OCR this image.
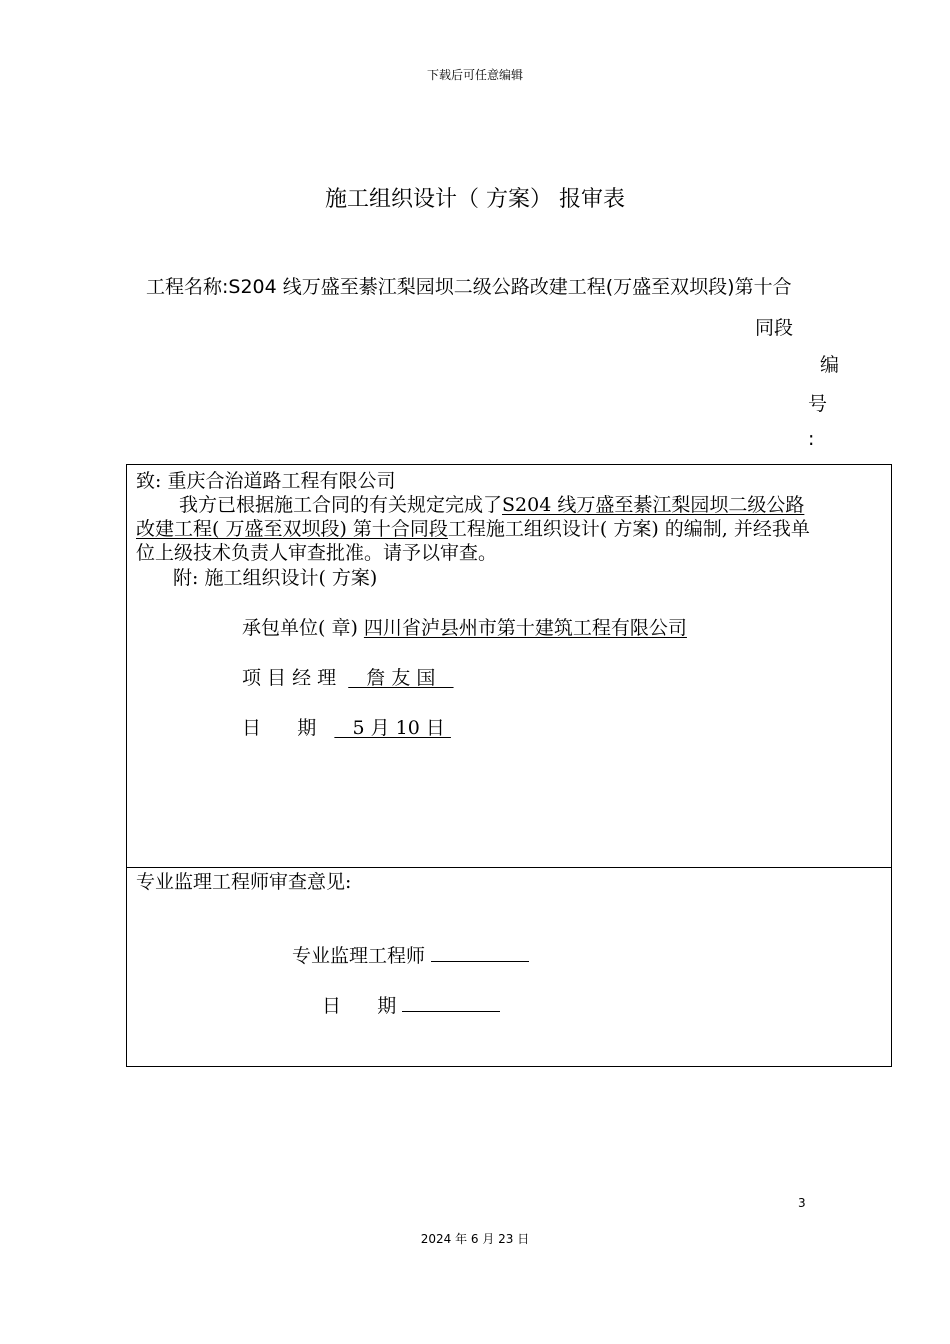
下载后可任意编辑
施工组织设计（ 方案） 报审表
工程名称:S204 线万盛至綦江梨园坝二级公路改建工程(万盛至双坝段)第十合
同段
编
号
:
致: 重庆合治道路工程有限公司
我方已根据施工合同的有关规定完成了S204 线万盛至綦江梨园坝二级公路
改建工程( 万盛至双坝段) 第十合同段工程施工组织设计( 方案) 的编制, 并经我单
位上级技术负责人审查批准。请予以审查。
附: 施工组织设计( 方案)
承包单位( 章) 四川省泸县州市第十建筑工程有限公司
项 目 经 理     詹 友 国
日      期      5 月 10 日
专业监理工程师审查意见:
专业监理工程师
日      期
3
2024 年 6 月 23 日
